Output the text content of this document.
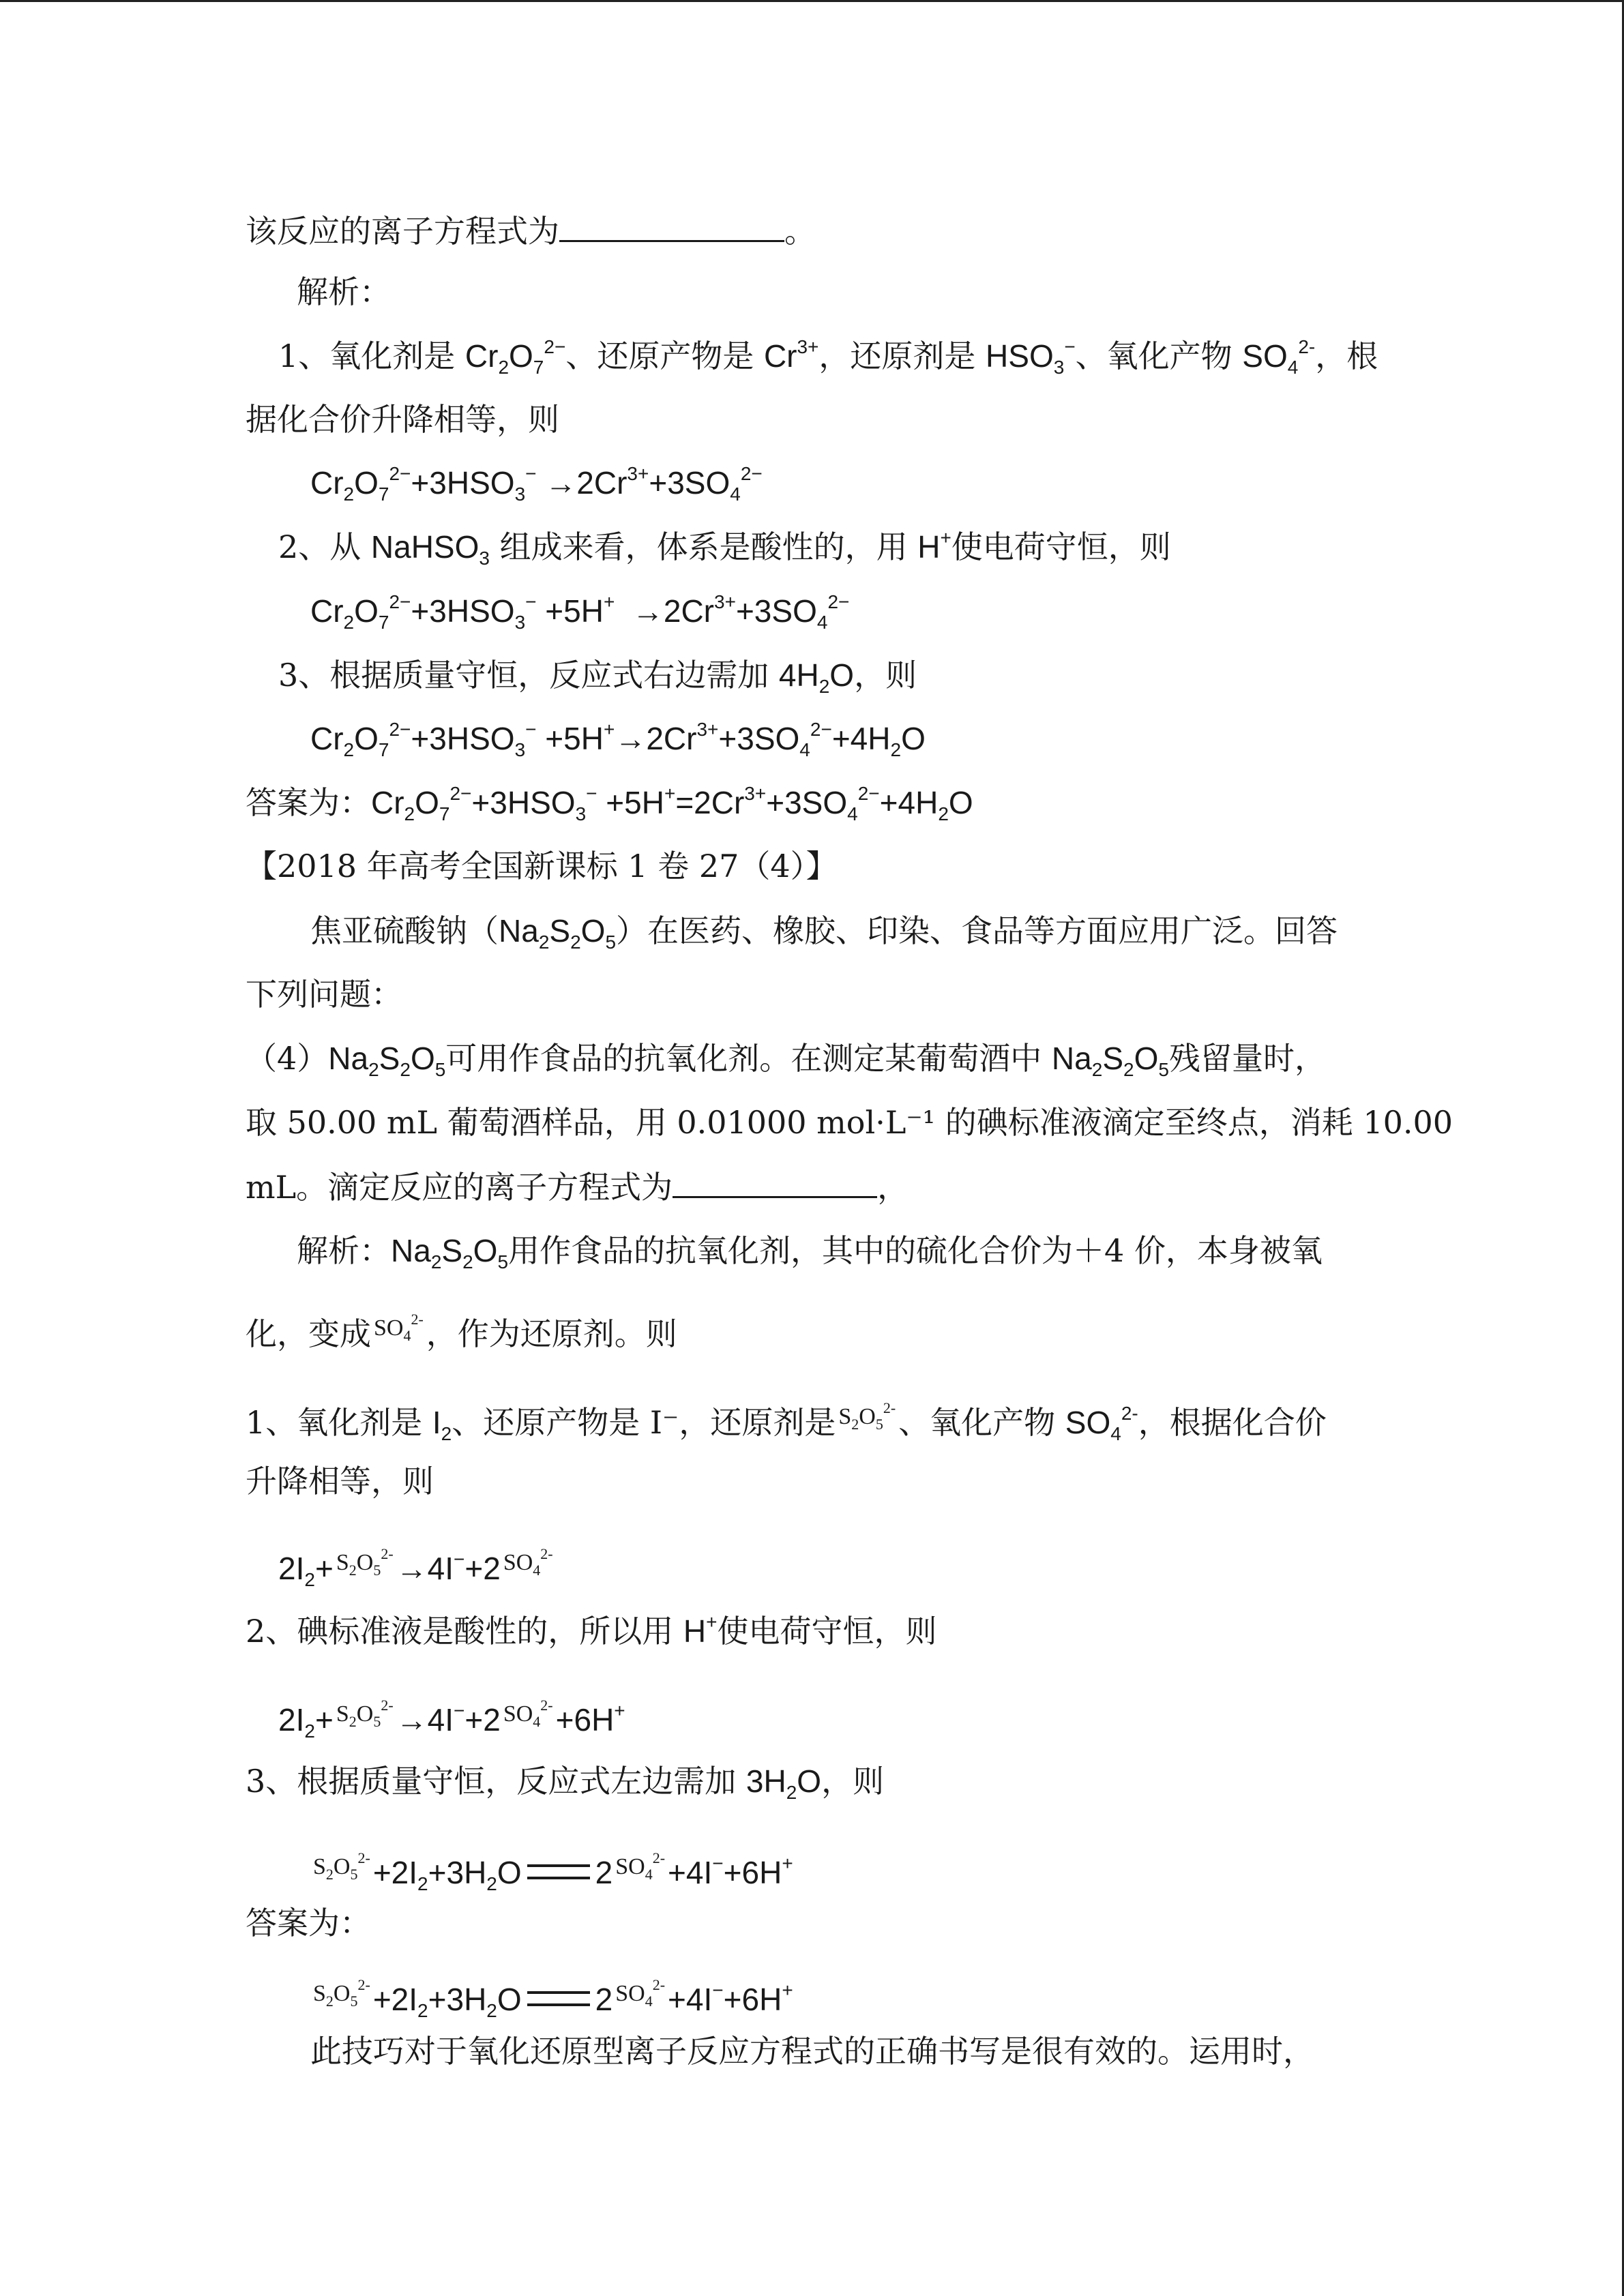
该反应的离子方程式为	。
解析：
1、氧化剂是 $Cr_2O_7^{2-}$、还原产物是 $Cr^{3+}$，还原剂是 $HSO_3^-$、氧化产物 $SO_4^{2-}$，根
据化合价升降相等，则
$Cr_2O_7^{2-}+3HSO_3^- \to 2Cr^{3+}+3SO_4^{2-}$
2、从 NaHSO$_3$ 组成来看，体系是酸性的，用 H+使电荷守恒，则
$Cr_2O_7^{2-}+3HSO_3^- +5H^+ \to 2Cr^{3+}+3SO_4^{2-}$
3、根据质量守恒，反应式右边需加 $4H_2O$，则
$Cr_2O_7^{2-}+3HSO_3^- +5H^+\to 2Cr^{3+}+3SO_4^{2-}+4H_2O$
答案为：$Cr_2O_7^{2-}+3HSO_3^- +5H^+=2Cr^{3+}+3SO_4^{2-}+4H_2O$
【2018 年高考全国新课标 1 卷 27（4）】
焦亚硫酸钠$(Na_2S_2O_5)$在医药、橡胶、印染、食品等方面应用广泛。回答
下列问题：
$(4)Na_2S_2O_5$可用作食品的抗氧化剂。在测定某葡萄酒中 $Na_2S_2O_5$残留量时，
取 50.00 mL 葡萄酒样品，用 0.01000 mol·L⁻¹ 的碘标准液滴定至终点，消耗 10.00
mL。滴定反应的离子方程式为	，
解析：$Na_2S_2O_5$用作食品的抗氧化剂，其中的硫化合价为＋4 价，本身被氧
化，变成 $SO_4^{2-}$，作为还原剂。则
1、氧化剂是 $I_2$、还原产物是 I⁻，还原剂是 $S_2O_5^{2-}$、氧化产物 $SO_4^{2-}$，根据化合价
升降相等，则
$2I_2+ S_2O_5^{2-}\to 4I^-+2$ $SO_4^{2-}$
2、碘标准液是酸性的，所以用 H+使电荷守恒，则
$2I_2+ S_2O_5^{2-}\to 4I^-+2$ $SO_4^{2-}+6H^+$
3、根据质量守恒，反应式左边需加 $3H_2O$，则
$S_2O_5^{2-}+2I_2+3H_2O$ 2 $SO_4^{2-}+4I^-+6H^+$
答案为：
$S_2O_5^{2-}+2I_2+3H_2O$ 2 $SO_4^{2-}+4I^-+6H^+$
此技巧对于氧化还原型离子反应方程式的正确书写是很有效的。运用时，
